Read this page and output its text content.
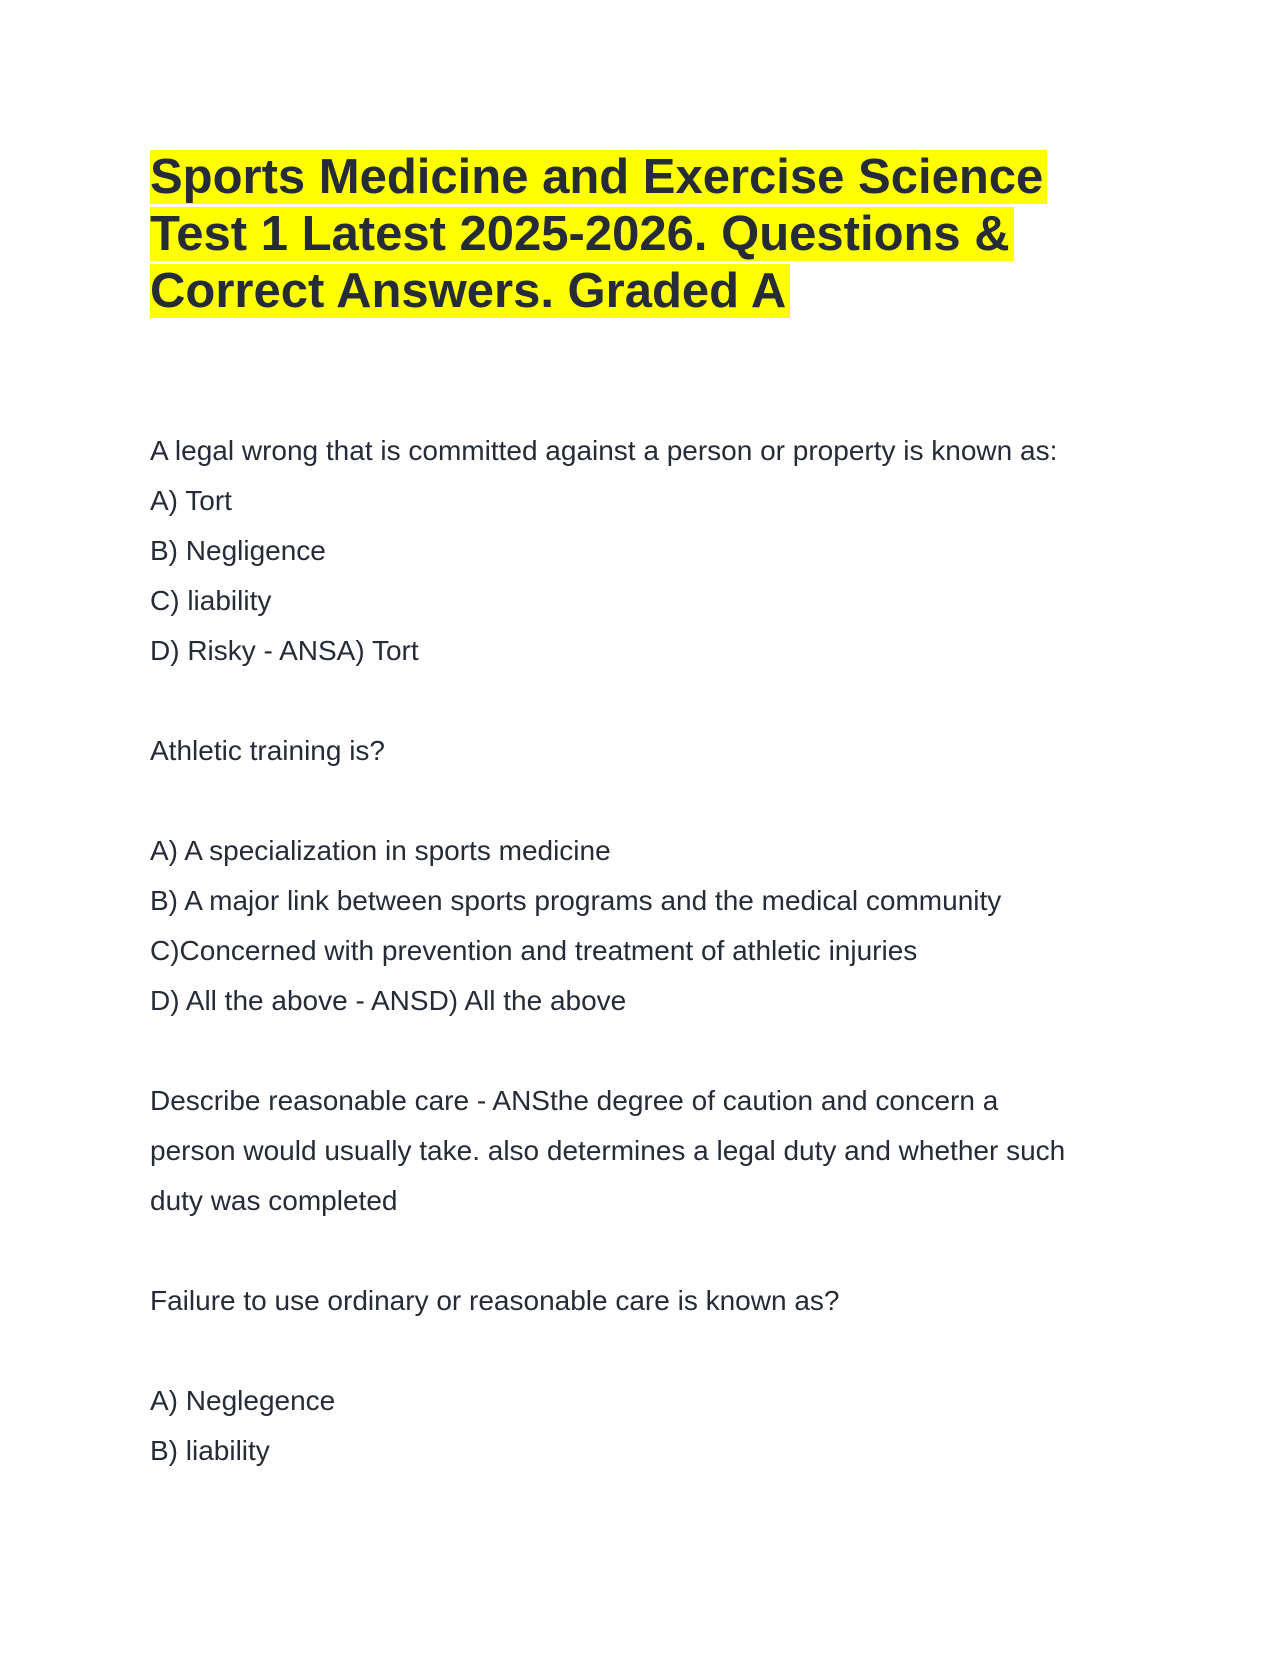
Sports Medicine and Exercise Science
Test 1 Latest 2025-2026. Questions &
Correct Answers. Graded A

A legal wrong that is committed against a person or property is known as:

A) Tort

B) Negligence

C) liability

D) Risky - ANSA) Tort

Athletic training is?

A) A specialization in sports medicine

B) A major link between sports programs and the medical community

C)Concerned with prevention and treatment of athletic injuries

D) All the above - ANSD) All the above

Describe reasonable care - ANSthe degree of caution and concern a

person would usually take. also determines a legal duty and whether such

duty was completed

Failure to use ordinary or reasonable care is known as?

A) Neglegence

B) liability
